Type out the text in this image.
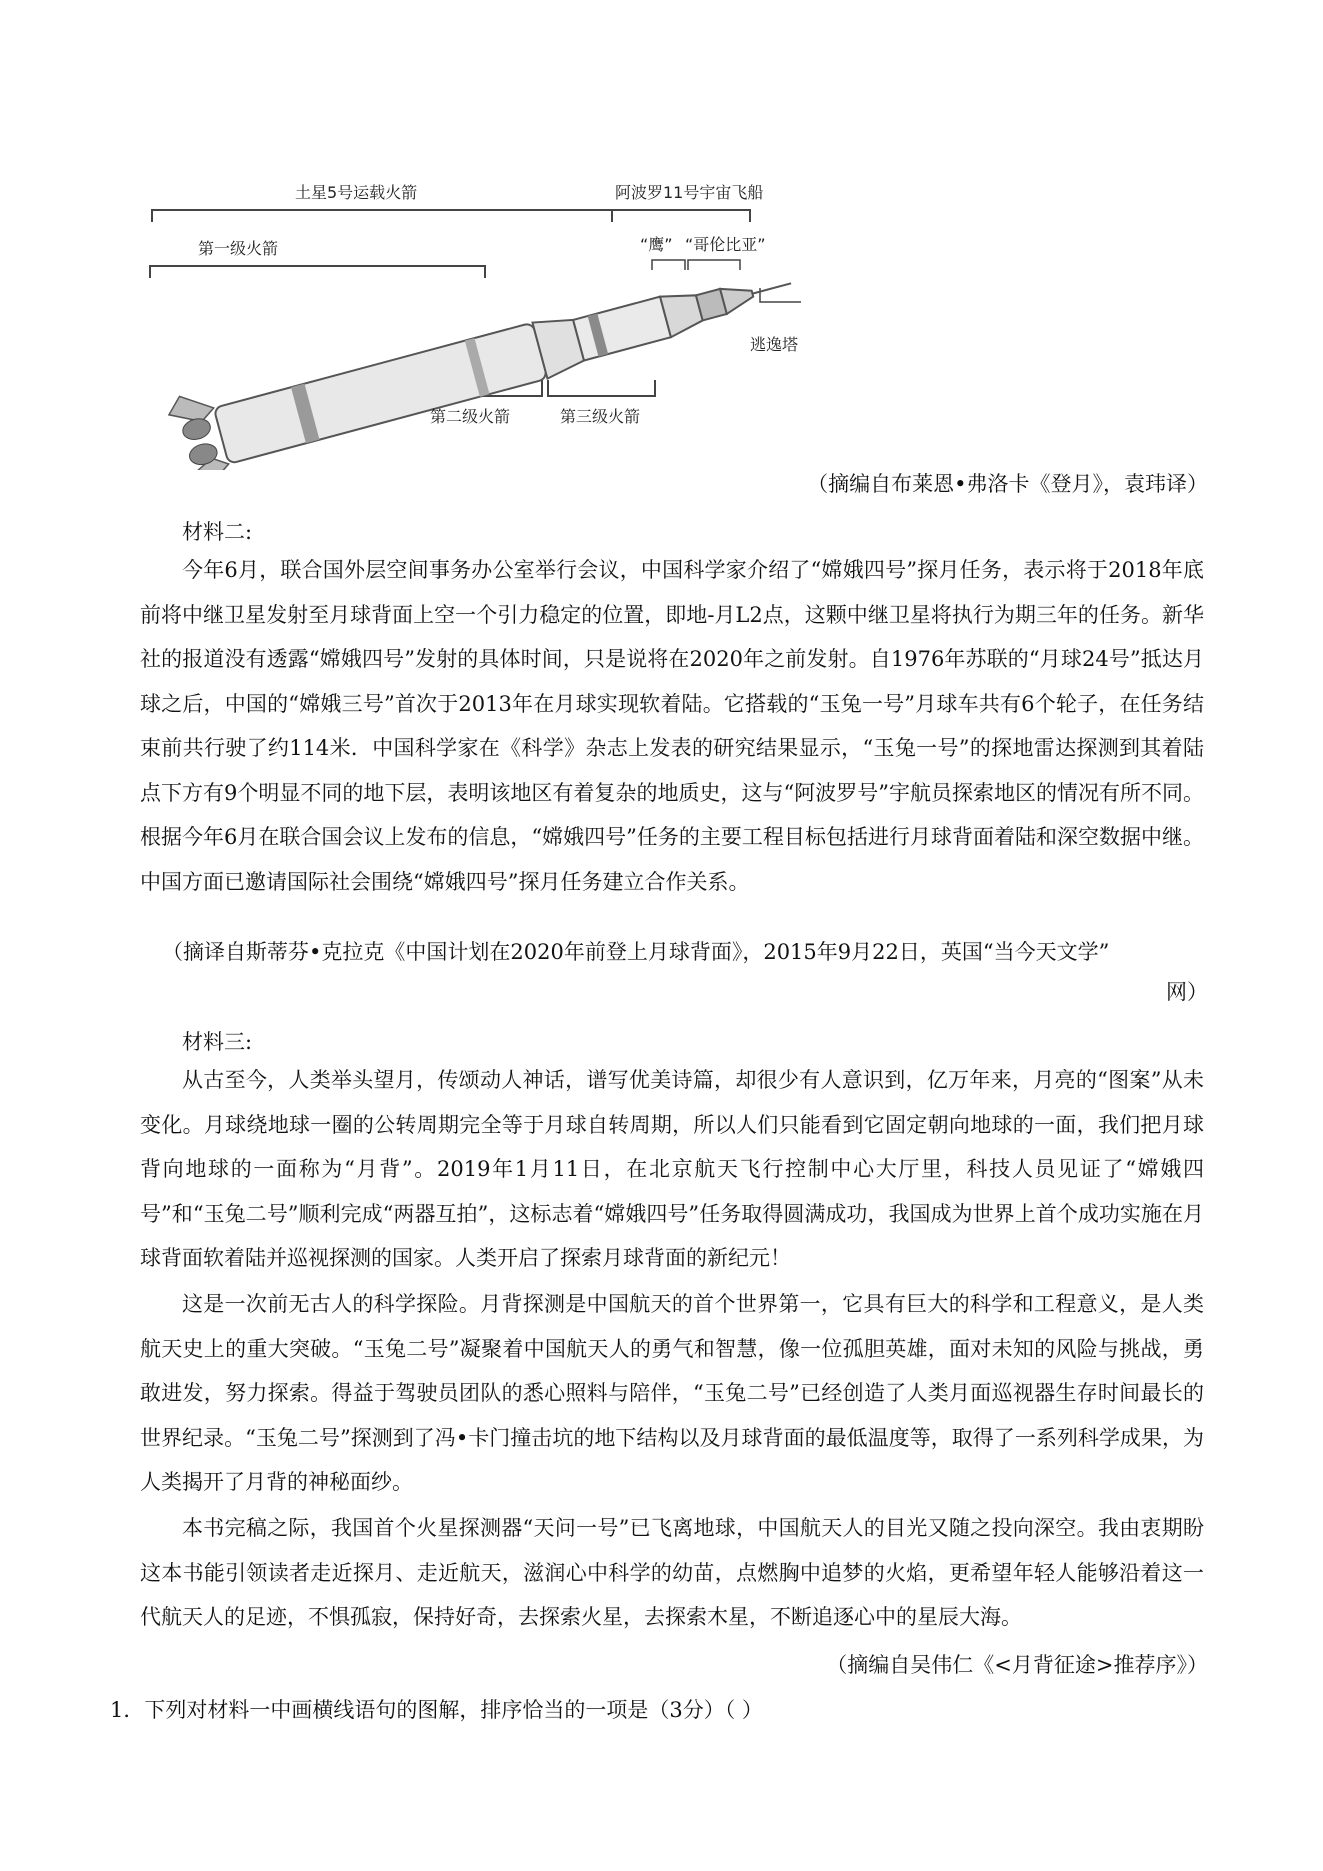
土星5号运载火箭	阿波罗11号宇宙飞船
第一级火箭	“鹰” “哥伦比亚”
逃逸塔
第二级火箭	第三级火箭
（摘编自布莱恩•弗洛卡《登月》，袁玮译）
材料二:
今年6月，联合国外层空间事务办公室举行会议，中国科学家介绍了“嫦娥四号”探月任务，表示将于2018年底前将中继卫星发射至月球背面上空一个引力稳定的位置，即地-月L2点，这颗中继卫星将执行为期三年的任务。新华社的报道没有透露“嫦娥四号”发射的具体时间，只是说将在2020年之前发射。自1976年苏联的“月球24号”抵达月球之后，中国的“嫦娥三号”首次于2013年在月球实现软着陆。它搭载的“玉兔一号”月球车共有6个轮子，在任务结束前共行驶了约114米．中国科学家在《科学》杂志上发表的研究结果显示，“玉兔一号”的探地雷达探测到其着陆点下方有9个明显不同的地下层，表明该地区有着复杂的地质史，这与“阿波罗号”宇航员探索地区的情况有所不同。根据今年6月在联合国会议上发布的信息，“嫦娥四号”任务的主要工程目标包括进行月球背面着陆和深空数据中继。中国方面已邀请国际社会围绕“嫦娥四号”探月任务建立合作关系。
（摘译自斯蒂芬•克拉克《中国计划在2020年前登上月球背面》，2015年9月22日，英国“当今天文学”
网）
材料三:
从古至今，人类举头望月，传颂动人神话，谱写优美诗篇，却很少有人意识到，亿万年来，月亮的“图案”从未变化。月球绕地球一圈的公转周期完全等于月球自转周期，所以人们只能看到它固定朝向地球的一面，我们把月球背向地球的一面称为“月背”。2019年1月11日，在北京航天飞行控制中心大厅里，科技人员见证了“嫦娥四号”和“玉兔二号”顺利完成“两器互拍”，这标志着“嫦娥四号”任务取得圆满成功，我国成为世界上首个成功实施在月球背面软着陆并巡视探测的国家。人类开启了探索月球背面的新纪元！
这是一次前无古人的科学探险。月背探测是中国航天的首个世界第一，它具有巨大的科学和工程意义，是人类航天史上的重大突破。“玉兔二号”凝聚着中国航天人的勇气和智慧，像一位孤胆英雄，面对未知的风险与挑战，勇敢进发，努力探索。得益于驾驶员团队的悉心照料与陪伴，“玉兔二号”已经创造了人类月面巡视器生存时间最长的世界纪录。“玉兔二号”探测到了冯•卡门撞击坑的地下结构以及月球背面的最低温度等，取得了一系列科学成果，为人类揭开了月背的神秘面纱。
本书完稿之际，我国首个火星探测器“天问一号”已飞离地球，中国航天人的目光又随之投向深空。我由衷期盼这本书能引领读者走近探月、走近航天，滋润心中科学的幼苗，点燃胸中追梦的火焰，更希望年轻人能够沿着这一代航天人的足迹，不惧孤寂，保持好奇，去探索火星，去探索木星，不断追逐心中的星辰大海。
（摘编自吴伟仁《<月背征途>推荐序》）
1．下列对材料一中画横线语句的图解，排序恰当的一项是（3分）（ ）
